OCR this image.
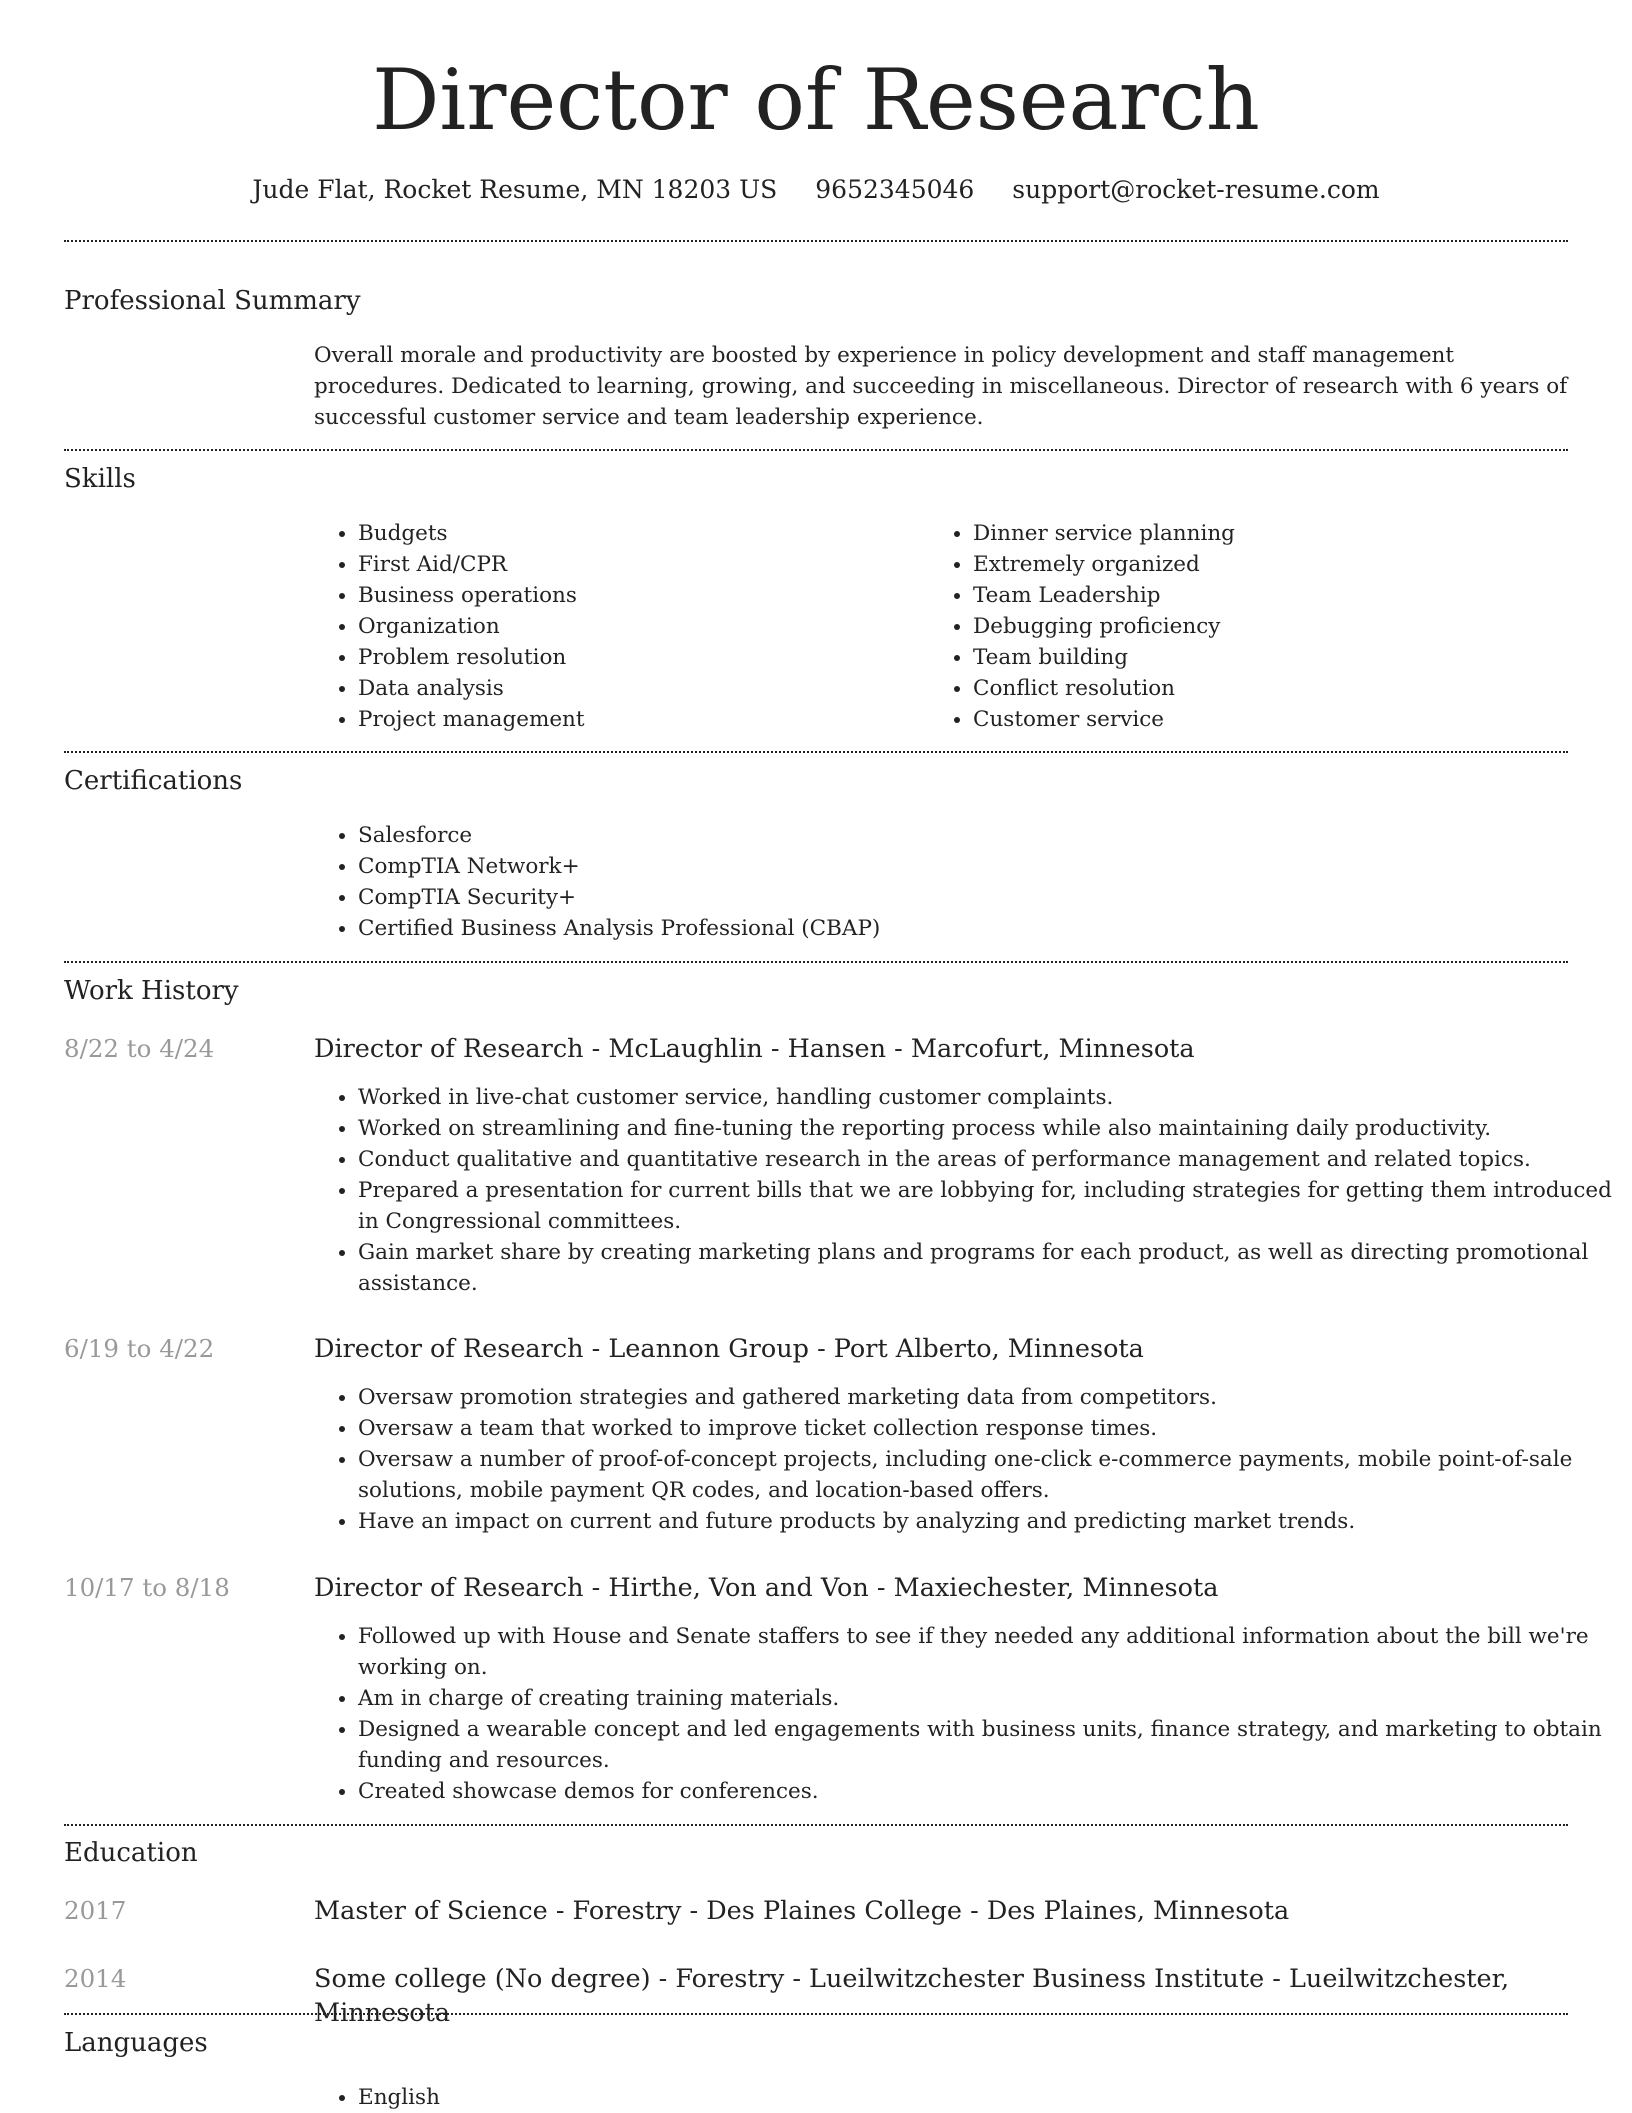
Director of Research
Jude Flat, Rocket Resume, MN 18203 US 9652345046 support@rocket-resume.com
Professional Summary
Overall morale and productivity are boosted by experience in policy development and staff management procedures. Dedicated to learning, growing, and succeeding in miscellaneous. Director of research with 6 years of successful customer service and team leadership experience.
Skills
• Budgets
• First Aid/CPR
• Business operations
• Organization
• Problem resolution
• Data analysis
• Project management
• Dinner service planning
• Extremely organized
• Team Leadership
• Debugging proficiency
• Team building
• Conflict resolution
• Customer service
Certifications
• Salesforce
• CompTIA Network+
• CompTIA Security+
• Certified Business Analysis Professional (CBAP)
Work History
8/22 to 4/24	Director of Research - McLaughlin - Hansen - Marcofurt, Minnesota
• Worked in live-chat customer service, handling customer complaints.
• Worked on streamlining and fine-tuning the reporting process while also maintaining daily productivity.
• Conduct qualitative and quantitative research in the areas of performance management and related topics.
• Prepared a presentation for current bills that we are lobbying for, including strategies for getting them introduced in Congressional committees.
• Gain market share by creating marketing plans and programs for each product, as well as directing promotional assistance.
6/19 to 4/22	Director of Research - Leannon Group - Port Alberto, Minnesota
• Oversaw promotion strategies and gathered marketing data from competitors.
• Oversaw a team that worked to improve ticket collection response times.
• Oversaw a number of proof-of-concept projects, including one-click e-commerce payments, mobile point-of-sale solutions, mobile payment QR codes, and location-based offers.
• Have an impact on current and future products by analyzing and predicting market trends.
10/17 to 8/18	Director of Research - Hirthe, Von and Von - Maxiechester, Minnesota
• Followed up with House and Senate staffers to see if they needed any additional information about the bill we're working on.
• Am in charge of creating training materials.
• Designed a wearable concept and led engagements with business units, finance strategy, and marketing to obtain funding and resources.
• Created showcase demos for conferences.
Education
2017	Master of Science - Forestry - Des Plaines College - Des Plaines, Minnesota
2014	Some college (No degree) - Forestry - Lueilwitzchester Business Institute - Lueilwitzchester, Minnesota
Languages
• English
